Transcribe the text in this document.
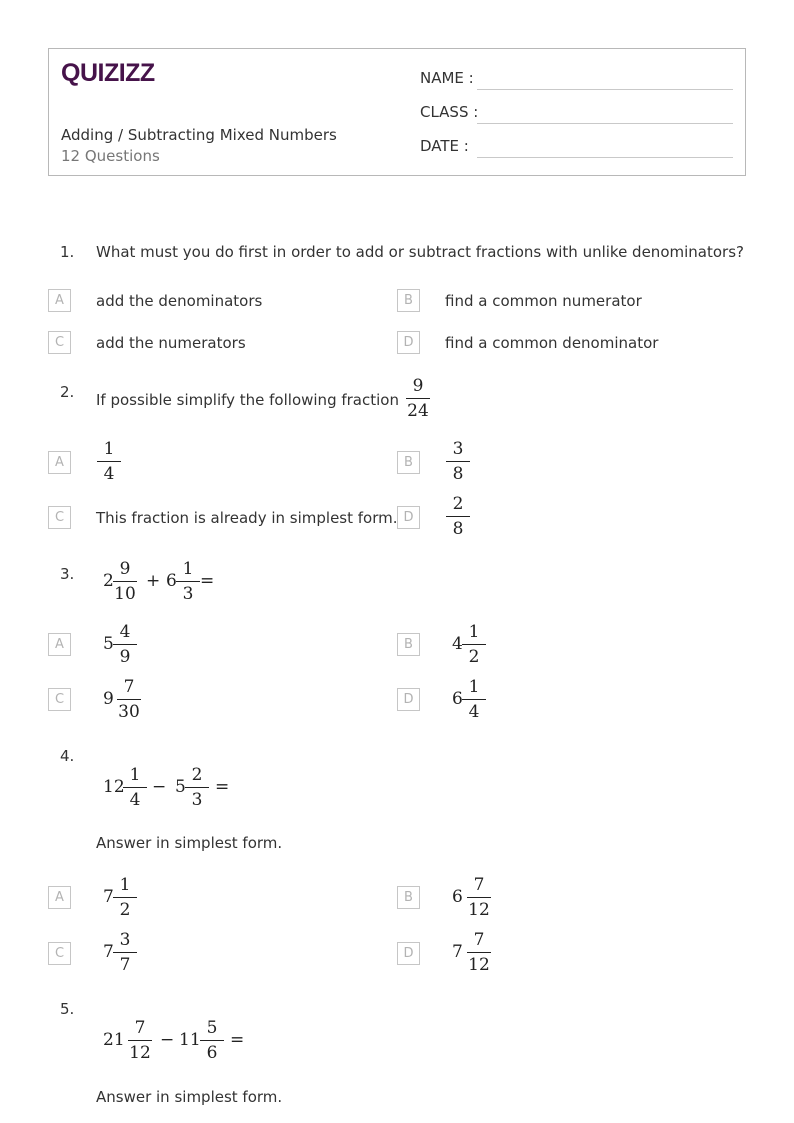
QUIZIZZ
Adding / Subtracting Mixed Numbers
12 Questions
NAME :
CLASS :
DATE :
1. What must you do first in order to add or subtract fractions with unlike denominators?
A	add the denominators	B	find a common numerator
C	add the numerators	D	find a common denominator
2. If possible simplify the following fraction
9
24
A
1
4
B
3
8
C	This fraction is already in simplest form. D
2
8
3. 2
9
10
+ 6
1
3
=
A	5
4
9
B	4
1
2
C	9
7
30
D	6
1
4
4.
12
1
4
− 5
2
3
=
Answer in simplest form.
A	7
1
2
B	6
7
12
C	7
3
7
D	7
7
12
5.
21
7
12
− 11
5
6
=
Answer in simplest form.
